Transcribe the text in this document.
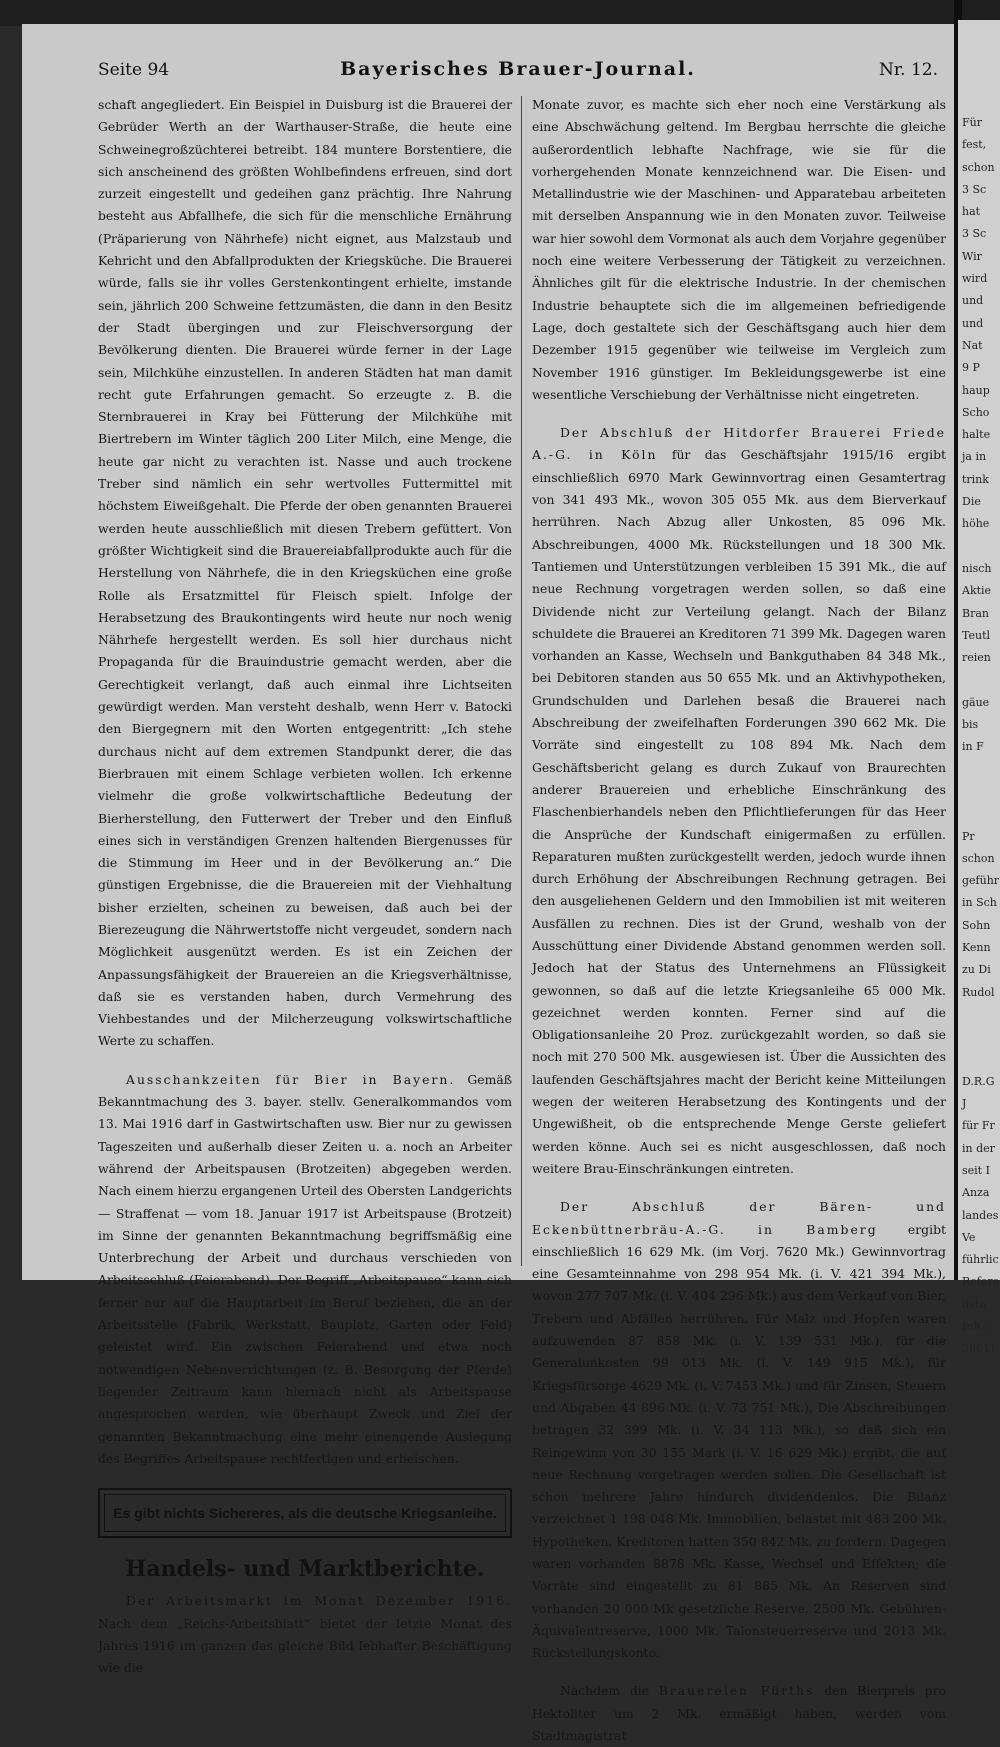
Für
fest,
schon
3 Sc
hat
3 Sc
Wir
wird
und
und
Nat
9 P
haup
Scho
halte
ja in
trink
Die
höhe

nisch
Aktie
Bran
Teutl
reien

gäue
bis
in F

Pr
schon
geführ
in Sch
Sohn
Kenn
zu Di
Rudol

D.R.G
J
für Fr
in der
seit I
Anza
landes
Ve
führlic
Refere
liste
Inh.:
3861)
Seite 94	Bayerisches Brauer-Journal.	Nr. 12.

schaft angegliedert. Ein Beispiel in Duisburg ist die Brauerei der Gebrüder Werth an der Warthauser-Straße, die heute eine Schweinegroßzüchterei betreibt. 184 muntere Borstentiere, die sich anscheinend des größten Wohlbefindens erfreuen, sind dort zurzeit eingestellt und gedeihen ganz prächtig. Ihre Nahrung besteht aus Abfallhefe, die sich für die menschliche Ernährung (Präparierung von Nährhefe) nicht eignet, aus Malzstaub und Kehricht und den Abfallprodukten der Kriegsküche. Die Brauerei würde, falls sie ihr volles Gerstenkontingent erhielte, imstande sein, jährlich 200 Schweine fettzumästen, die dann in den Besitz der Stadt übergingen und zur Fleischversorgung der Bevölkerung dienten. Die Brauerei würde ferner in der Lage sein, Milchkühe einzustellen. In anderen Städten hat man damit recht gute Erfahrungen gemacht. So erzeugte z. B. die Sternbrauerei in Kray bei Fütterung der Milchkühe mit Biertrebern im Winter täglich 200 Liter Milch, eine Menge, die heute gar nicht zu verachten ist. Nasse und auch trockene Treber sind nämlich ein sehr wertvolles Futtermittel mit höchstem Eiweißgehalt. Die Pferde der oben genannten Brauerei werden heute ausschließlich mit diesen Trebern gefüttert. Von größter Wichtigkeit sind die Brauereiabfallprodukte auch für die Herstellung von Nährhefe, die in den Kriegsküchen eine große Rolle als Ersatzmittel für Fleisch spielt. Infolge der Herabsetzung des Braukontingents wird heute nur noch wenig Nährhefe hergestellt werden. Es soll hier durchaus nicht Propaganda für die Brauindustrie gemacht werden, aber die Gerechtigkeit verlangt, daß auch einmal ihre Lichtseiten gewürdigt werden. Man versteht deshalb, wenn Herr v. Batocki den Biergegnern mit den Worten entgegentritt: „Ich stehe durchaus nicht auf dem extremen Standpunkt derer, die das Bierbrauen mit einem Schlage verbieten wollen. Ich erkenne vielmehr die große volkwirtschaftliche Bedeutung der Bierherstellung, den Futterwert der Treber und den Einfluß eines sich in verständigen Grenzen haltenden Biergenusses für die Stimmung im Heer und in der Bevölkerung an.“ Die günstigen Ergebnisse, die die Brauereien mit der Viehhaltung bisher erzielten, scheinen zu beweisen, daß auch bei der Bierezeugung die Nährwertstoffe nicht vergeudet, sondern nach Möglichkeit ausgenützt werden. Es ist ein Zeichen der Anpassungsfähigkeit der Brauereien an die Kriegsverhältnisse, daß sie es verstanden haben, durch Vermehrung des Viehbestandes und der Milcherzeugung volkswirtschaftliche Werte zu schaffen.

Ausschankzeiten für Bier in Bayern. Gemäß Bekanntmachung des 3. bayer. stellv. Generalkommandos vom 13. Mai 1916 darf in Gastwirtschaften usw. Bier nur zu gewissen Tageszeiten und außerhalb dieser Zeiten u. a. noch an Arbeiter während der Arbeitspausen (Brotzeiten) abgegeben werden. Nach einem hierzu ergangenen Urteil des Obersten Landgerichts — Straffenat — vom 18. Januar 1917 ist Arbeitspause (Brotzeit) im Sinne der genannten Bekanntmachung begriffsmäßig eine Unterbrechung der Arbeit und durchaus verschieden von Arbeitsschluß (Feierabend). Der Begriff „Arbeitspause“ kann sich ferner nur auf die Hauptarbeit im Beruf beziehen, die an der Arbeitsstelle (Fabrik, Werkstatt, Bauplatz, Garten oder Feld) geleistet wird. Ein zwischen Feierabend und etwa noch notwendigen Nebenverrichtungen (z. B. Besorgung der Pferde) liegender Zeitraum kann hiernach nicht als Arbeitspause angesprochen werden, wie überhaupt Zweck und Ziel der genannten Bekanntmachung eine mehr einengende Auslegung des Begriffes Arbeitspause rechtfertigen und erheischen.

Es gibt nichts Sichereres, als die deutsche Kriegsanleihe.
Handels- und Marktberichte.

Der Arbeitsmarkt im Monat Dezember 1916. Nach dem „Reichs-Arbeitsblatt“ bietet der letzte Monat des Jahres 1916 im ganzen das gleiche Bild lebhafter Beschäftigung wie die

Monate zuvor, es machte sich eher noch eine Verstärkung als eine Abschwächung geltend. Im Bergbau herrschte die gleiche außerordentlich lebhafte Nachfrage, wie sie für die vorhergehenden Monate kennzeichnend war. Die Eisen- und Metallindustrie wie der Maschinen- und Apparatebau arbeiteten mit derselben Anspannung wie in den Monaten zuvor. Teilweise war hier sowohl dem Vormonat als auch dem Vorjahre gegenüber noch eine weitere Verbesserung der Tätigkeit zu verzeichnen. Ähnliches gilt für die elektrische Industrie. In der chemischen Industrie behauptete sich die im allgemeinen befriedigende Lage, doch gestaltete sich der Geschäftsgang auch hier dem Dezember 1915 gegenüber wie teilweise im Vergleich zum November 1916 günstiger. Im Bekleidungsgewerbe ist eine wesentliche Verschiebung der Verhältnisse nicht eingetreten.

Der Abschluß der Hitdorfer Brauerei Friede A.-G. in Köln für das Geschäftsjahr 1915/16 ergibt einschließlich 6970 Mark Gewinnvortrag einen Gesamtertrag von 341 493 Mk., wovon 305 055 Mk. aus dem Bierverkauf herrühren. Nach Abzug aller Unkosten, 85 096 Mk. Abschreibungen, 4000 Mk. Rückstellungen und 18 300 Mk. Tantiemen und Unterstützungen verbleiben 15 391 Mk., die auf neue Rechnung vorgetragen werden sollen, so daß eine Dividende nicht zur Verteilung gelangt. Nach der Bilanz schuldete die Brauerei an Kreditoren 71 399 Mk. Dagegen waren vorhanden an Kasse, Wechseln und Bankguthaben 84 348 Mk., bei Debitoren standen aus 50 655 Mk. und an Aktivhypotheken, Grundschulden und Darlehen besaß die Brauerei nach Abschreibung der zweifelhaften Forderungen 390 662 Mk. Die Vorräte sind eingestellt zu 108 894 Mk. Nach dem Geschäftsbericht gelang es durch Zukauf von Braurechten anderer Brauereien und erhebliche Einschränkung des Flaschenbierhandels neben den Pflichtlieferungen für das Heer die Ansprüche der Kundschaft einigermaßen zu erfüllen. Reparaturen mußten zurückgestellt werden, jedoch wurde ihnen durch Erhöhung der Abschreibungen Rechnung getragen. Bei den ausgeliehenen Geldern und den Immobilien ist mit weiteren Ausfällen zu rechnen. Dies ist der Grund, weshalb von der Ausschüttung einer Dividende Abstand genommen werden soll. Jedoch hat der Status des Unternehmens an Flüssigkeit gewonnen, so daß auf die letzte Kriegsanleihe 65 000 Mk. gezeichnet werden konnten. Ferner sind auf die Obligationsanleihe 20 Proz. zurückgezahlt worden, so daß sie noch mit 270 500 Mk. ausgewiesen ist. Über die Aussichten des laufenden Geschäftsjahres macht der Bericht keine Mitteilungen wegen der weiteren Herabsetzung des Kontingents und der Ungewißheit, ob die entsprechende Menge Gerste geliefert werden könne. Auch sei es nicht ausgeschlossen, daß noch weitere Brau-Einschränkungen eintreten.

Der Abschluß der Bären- und Eckenbüttnerbräu-A.-G. in Bamberg ergibt einschließlich 16 629 Mk. (im Vorj. 7620 Mk.) Gewinnvortrag eine Gesamteinnahme von 298 954 Mk. (i. V. 421 394 Mk.), wovon 277 707 Mk. (i. V. 404 296 Mk.) aus dem Verkauf von Bier, Trebern und Abfällen herrühren. Für Malz und Hopfen waren aufzuwenden 87 858 Mk. (i. V. 139 531 Mk.), für die Generalunkosten 99 013 Mk. (i. V. 149 915 Mk.), für Kriegsfürsorge 4629 Mk. (i. V. 7453 Mk.) und für Zinsen, Steuern und Abgaben 44 896 Mk. (i. V. 73 751 Mk.). Die Abschreibungen betragen 32 399 Mk. (i. V. 34 113 Mk.), so daß sich ein Reingewinn von 30 155 Mark (i. V. 16 629 Mk.) ergibt, die auf neue Rechnung vorgetragen werden sollen. Die Gesellschaft ist schon mehrere Jahre hindurch dividendenlos. Die Bilanz verzeichnet 1 198 048 Mk. Immobilien, belastet mit 483 200 Mk. Hypotheken. Kreditoren hatten 350 842 Mk. zu fordern. Dagegen waren vorhanden 8878 Mk. Kasse, Wechsel und Effekten; die Vorräte sind eingestellt zu 81 885 Mk. An Reserven sind vorhanden 20 000 Mk gesetzliche Reserve, 2500 Mk. Gebühren-Äquivalentreserve, 1000 Mk. Talonsteuerreserve und 2013 Mk. Rückstellungskonto.

Nachdem die Brauereien Fürths den Bierpreis pro Hektoliter um 2 Mk. ermäßigt haben, werden vom Stadtmagistrat
